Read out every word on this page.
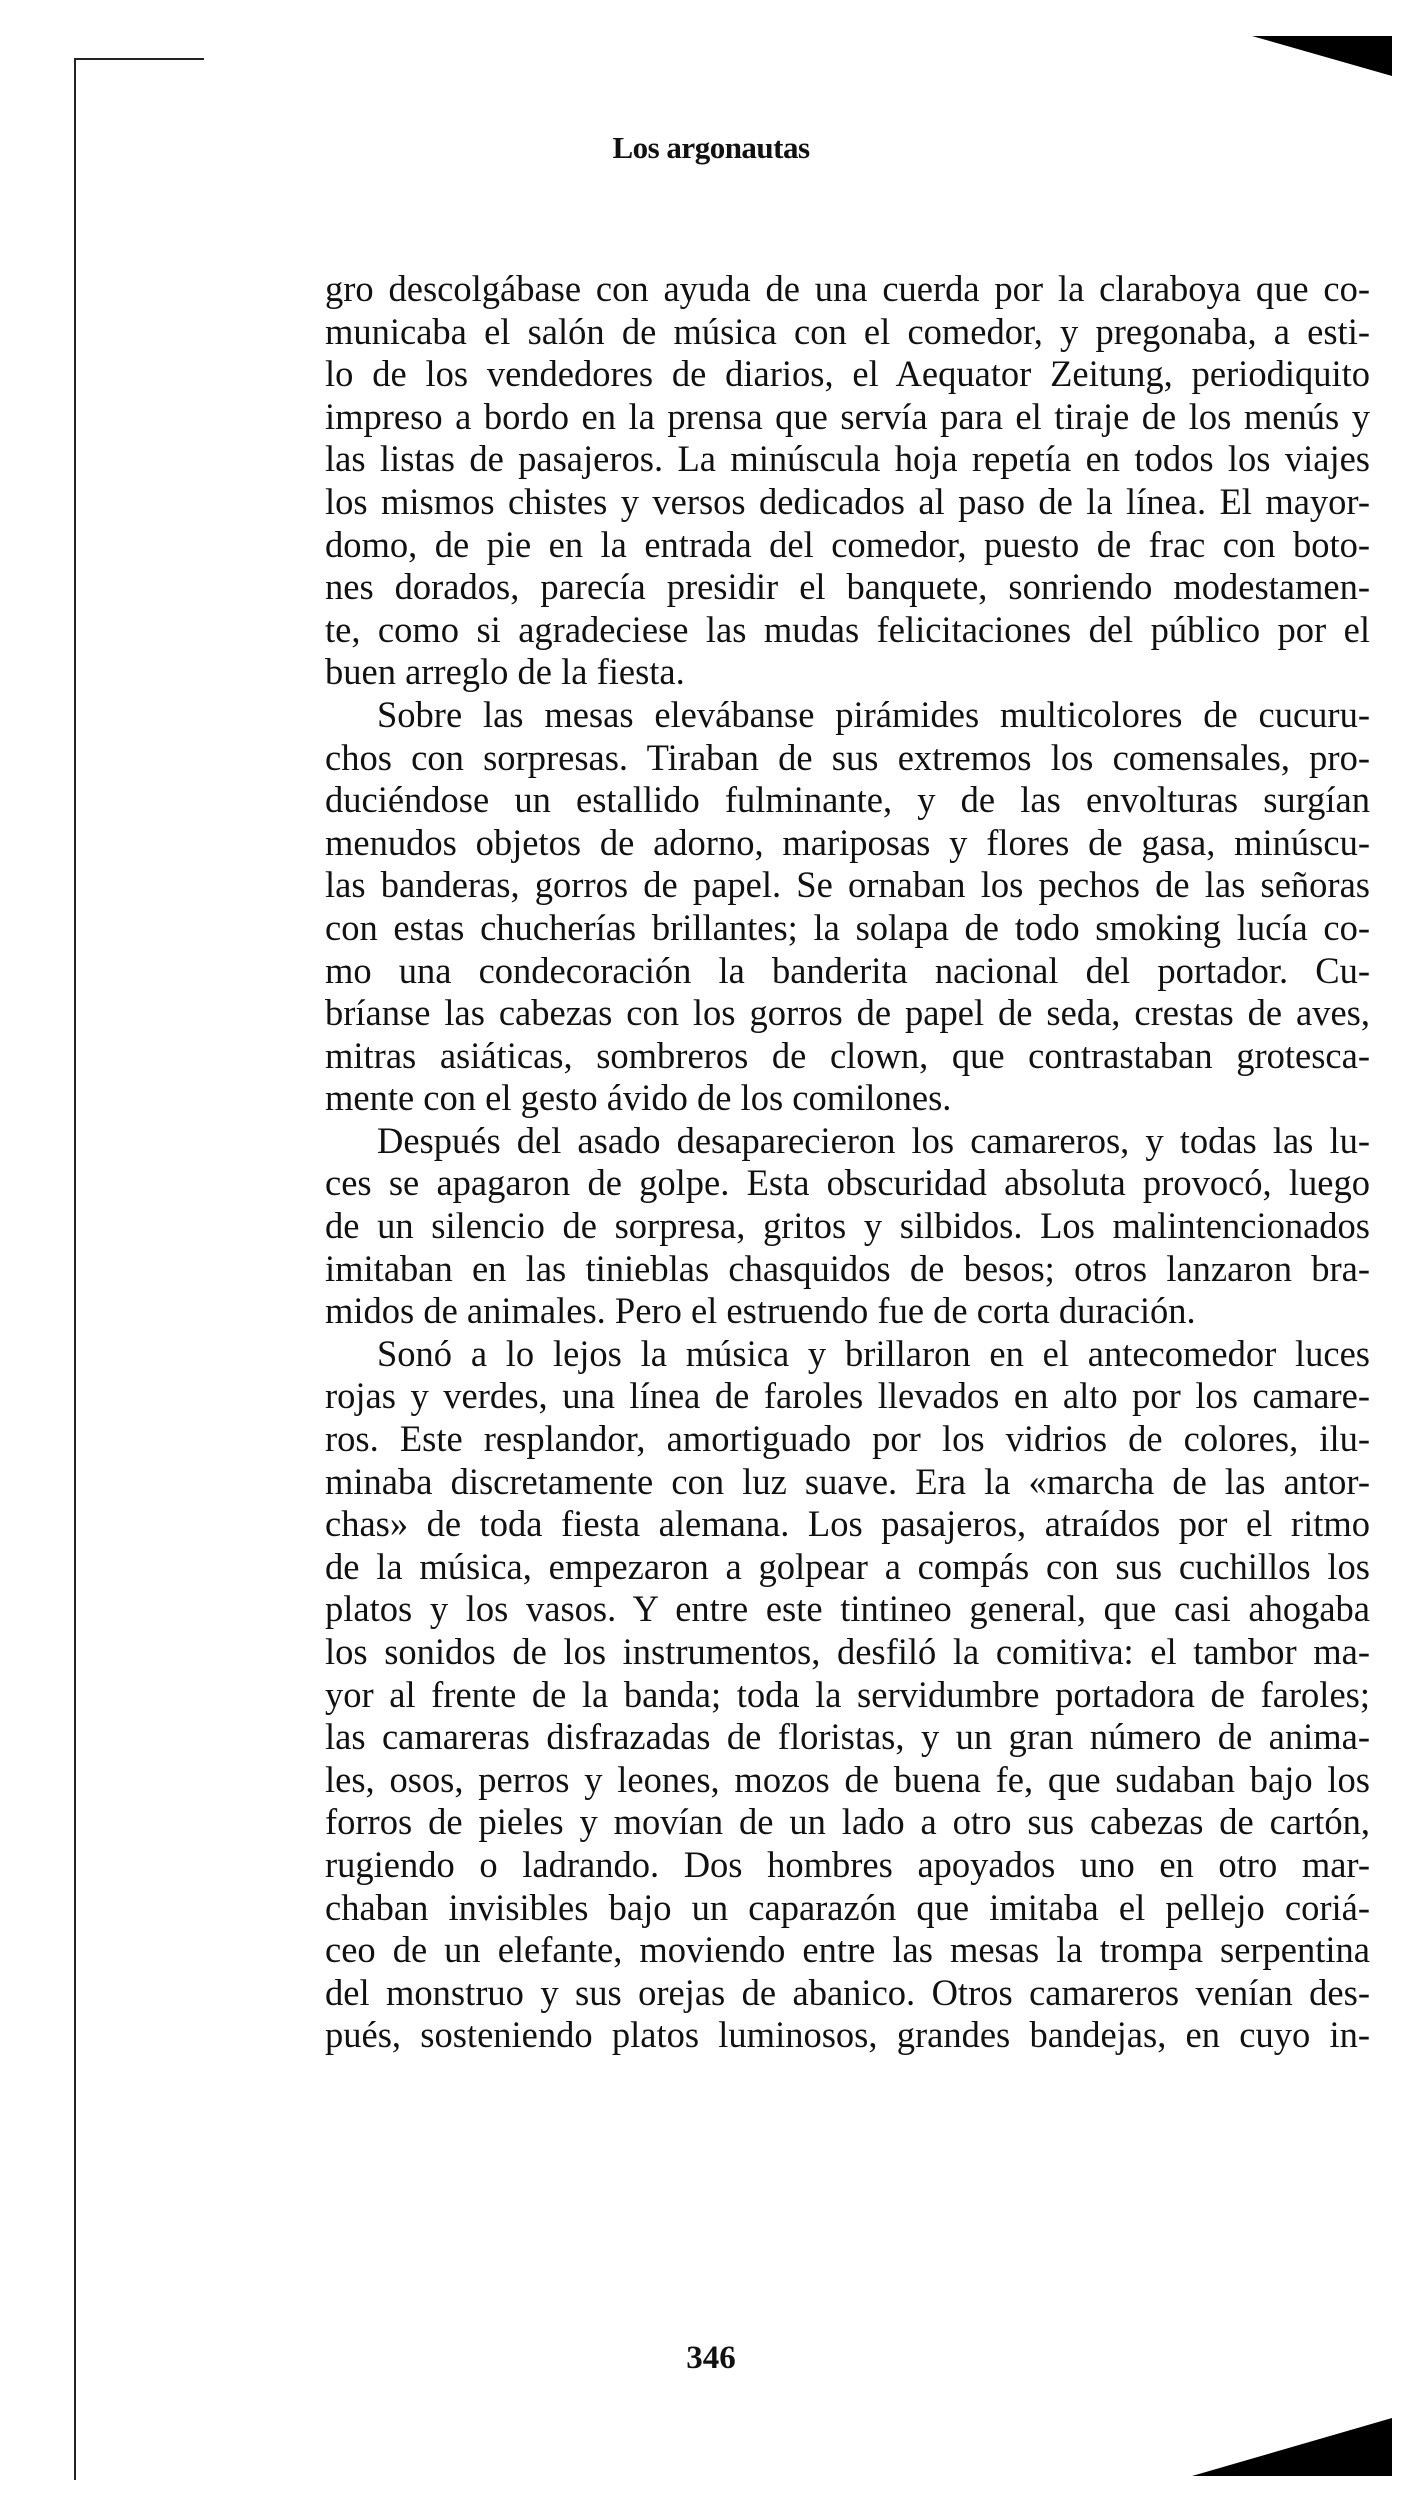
Los argonautas
gro descolgábase con ayuda de una cuerda por la claraboya que co-
municaba el salón de música con el comedor, y pregonaba, a esti-
lo de los vendedores de diarios, el Aequator Zeitung, periodiquito
impreso a bordo en la prensa que servía para el tiraje de los menús y
las listas de pasajeros. La minúscula hoja repetía en todos los viajes
los mismos chistes y versos dedicados al paso de la línea. El mayor-
domo, de pie en la entrada del comedor, puesto de frac con boto-
nes dorados, parecía presidir el banquete, sonriendo modestamen-
te, como si agradeciese las mudas felicitaciones del público por el
buen arreglo de la fiesta.
Sobre las mesas elevábanse pirámides multicolores de cucuru-
chos con sorpresas. Tiraban de sus extremos los comensales, pro-
duciéndose un estallido fulminante, y de las envolturas surgían
menudos objetos de adorno, mariposas y flores de gasa, minúscu-
las banderas, gorros de papel. Se ornaban los pechos de las señoras
con estas chucherías brillantes; la solapa de todo smoking lucía co-
mo una condecoración la banderita nacional del portador. Cu-
bríanse las cabezas con los gorros de papel de seda, crestas de aves,
mitras asiáticas, sombreros de clown, que contrastaban grotesca-
mente con el gesto ávido de los comilones.
Después del asado desaparecieron los camareros, y todas las lu-
ces se apagaron de golpe. Esta obscuridad absoluta provocó, luego
de un silencio de sorpresa, gritos y silbidos. Los malintencionados
imitaban en las tinieblas chasquidos de besos; otros lanzaron bra-
midos de animales. Pero el estruendo fue de corta duración.
Sonó a lo lejos la música y brillaron en el antecomedor luces
rojas y verdes, una línea de faroles llevados en alto por los camare-
ros. Este resplandor, amortiguado por los vidrios de colores, ilu-
minaba discretamente con luz suave. Era la «marcha de las antor-
chas» de toda fiesta alemana. Los pasajeros, atraídos por el ritmo
de la música, empezaron a golpear a compás con sus cuchillos los
platos y los vasos. Y entre este tintineo general, que casi ahogaba
los sonidos de los instrumentos, desfiló la comitiva: el tambor ma-
yor al frente de la banda; toda la servidumbre portadora de faroles;
las camareras disfrazadas de floristas, y un gran número de anima-
les, osos, perros y leones, mozos de buena fe, que sudaban bajo los
forros de pieles y movían de un lado a otro sus cabezas de cartón,
rugiendo o ladrando. Dos hombres apoyados uno en otro mar-
chaban invisibles bajo un caparazón que imitaba el pellejo coriá-
ceo de un elefante, moviendo entre las mesas la trompa serpentina
del monstruo y sus orejas de abanico. Otros camareros venían des-
pués, sosteniendo platos luminosos, grandes bandejas, en cuyo in-
346
